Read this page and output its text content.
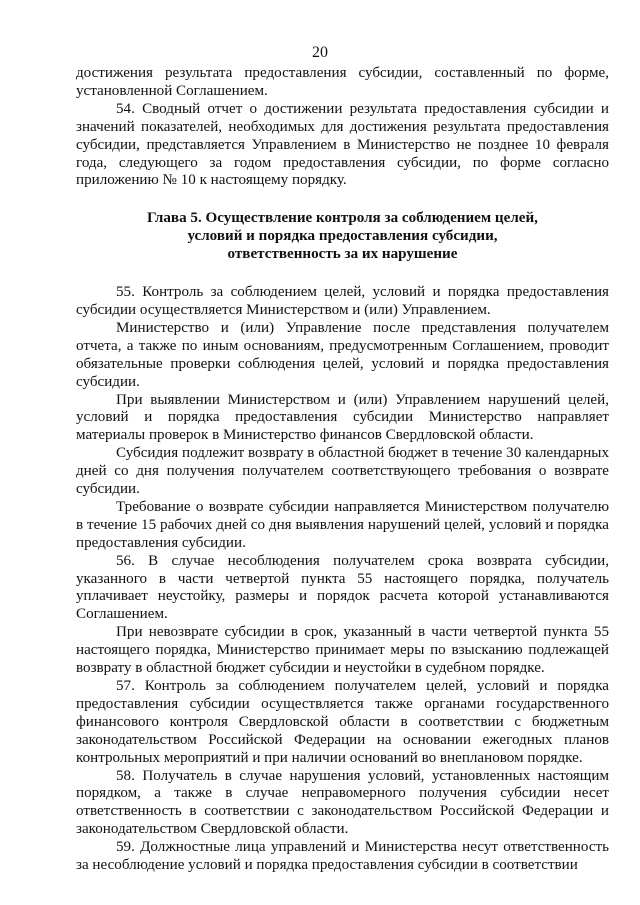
20

достижения результата предоставления субсидии, составленный по форме, установленной Соглашением.

54. Сводный отчет о достижении результата предоставления субсидии и значений показателей, необходимых для достижения результата предоставления субсидии, представляется Управлением в Министерство не позднее 10 февраля года, следующего за годом предоставления субсидии, по форме согласно приложению № 10 к настоящему порядку.

Глава 5. Осуществление контроля за соблюдением целей,
условий и порядка предоставления субсидии,
ответственность за их нарушение

55. Контроль за соблюдением целей, условий и порядка предоставления субсидии осуществляется Министерством и (или) Управлением.

Министерство и (или) Управление после представления получателем отчета, а также по иным основаниям, предусмотренным Соглашением, проводит обязательные проверки соблюдения целей, условий и порядка предоставления субсидии.

При выявлении Министерством и (или) Управлением нарушений целей, условий и порядка предоставления субсидии Министерство направляет материалы проверок в Министерство финансов Свердловской области.

Субсидия подлежит возврату в областной бюджет в течение 30 календарных дней со дня получения получателем соответствующего требования о возврате субсидии.

Требование о возврате субсидии направляется Министерством получателю в течение 15 рабочих дней со дня выявления нарушений целей, условий и порядка предоставления субсидии.

56. В случае несоблюдения получателем срока возврата субсидии, указанного в части четвертой пункта 55 настоящего порядка, получатель уплачивает неустойку, размеры и порядок расчета которой устанавливаются Соглашением.

При невозврате субсидии в срок, указанный в части четвертой пункта 55 настоящего порядка, Министерство принимает меры по взысканию подлежащей возврату в областной бюджет субсидии и неустойки в судебном порядке.

57. Контроль за соблюдением получателем целей, условий и порядка предоставления субсидии осуществляется также органами государственного финансового контроля Свердловской области в соответствии с бюджетным законодательством Российской Федерации на основании ежегодных планов контрольных мероприятий и при наличии оснований во внеплановом порядке.

58. Получатель в случае нарушения условий, установленных настоящим порядком, а также в случае неправомерного получения субсидии несет ответственность в соответствии с законодательством Российской Федерации и законодательством Свердловской области.

59. Должностные лица управлений и Министерства несут ответственность за несоблюдение условий и порядка предоставления субсидии в соответствии
